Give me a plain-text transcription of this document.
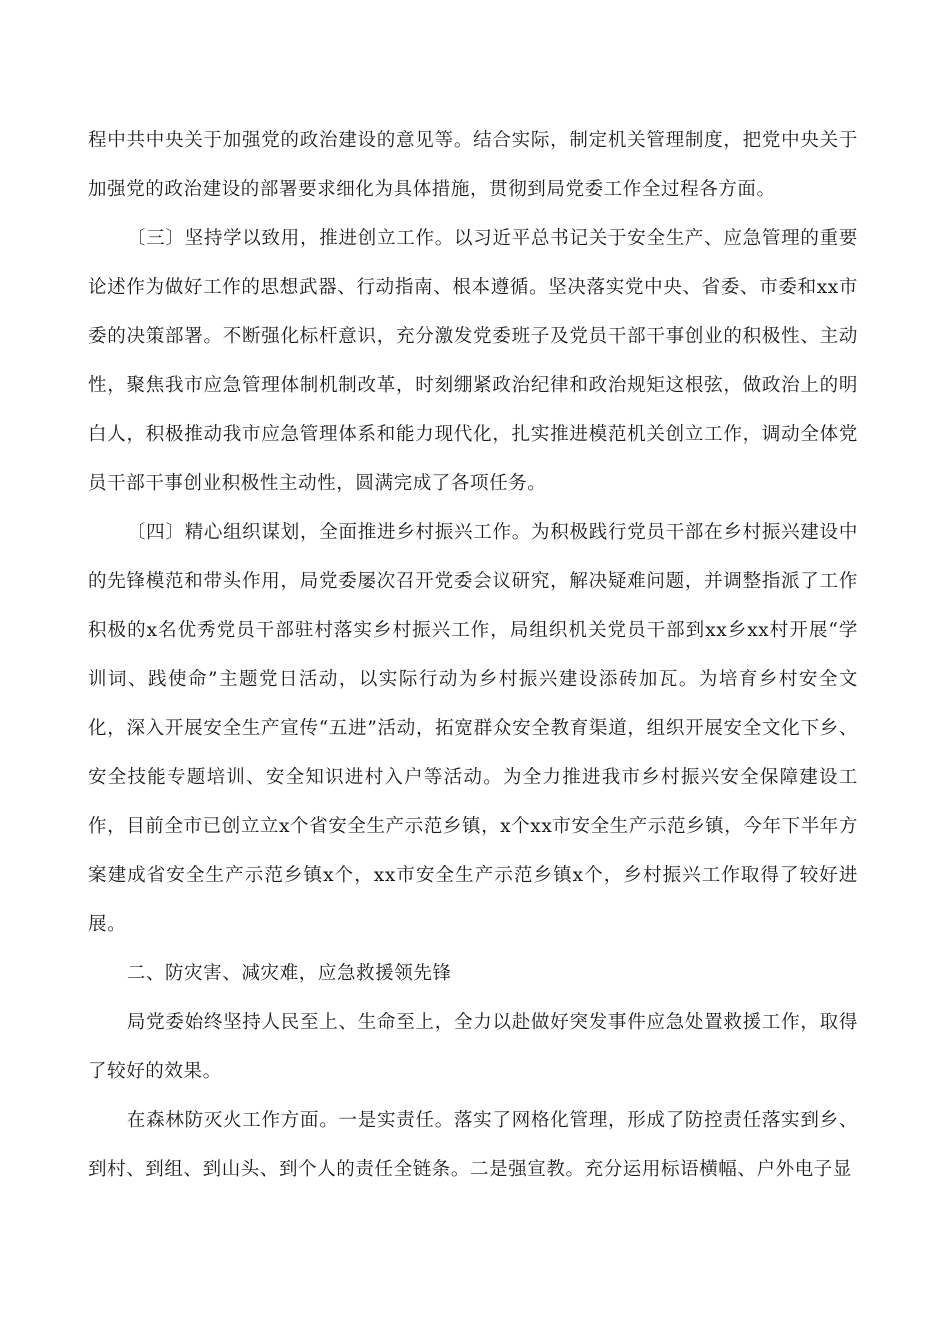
程中共中央关于加强党的政治建设的意见等。结合实际，制定机关管理制度，把党中央关于加强党的政治建设的部署要求细化为具体措施，贯彻到局党委工作全过程各方面。

〔三〕坚持学以致用，推进创立工作。以习近平总书记关于安全生产、应急管理的重要论述作为做好工作的思想武器、行动指南、根本遵循。坚决落实党中央、省委、市委和xx市委的决策部署。不断强化标杆意识，充分激发党委班子及党员干部干事创业的积极性、主动性，聚焦我市应急管理体制机制改革，时刻绷紧政治纪律和政治规矩这根弦，做政治上的明白人，积极推动我市应急管理体系和能力现代化，扎实推进模范机关创立工作，调动全体党员干部干事创业积极性主动性，圆满完成了各项任务。

〔四〕精心组织谋划，全面推进乡村振兴工作。为积极践行党员干部在乡村振兴建设中的先锋模范和带头作用，局党委屡次召开党委会议研究，解决疑难问题，并调整指派了工作积极的x名优秀党员干部驻村落实乡村振兴工作，局组织机关党员干部到xx乡xx村开展“学训词、践使命”主题党日活动，以实际行动为乡村振兴建设添砖加瓦。为培育乡村安全文化，深入开展安全生产宣传“五进”活动，拓宽群众安全教育渠道，组织开展安全文化下乡、安全技能专题培训、安全知识进村入户等活动。为全力推进我市乡村振兴安全保障建设工作，目前全市已创立立x个省安全生产示范乡镇，x个xx市安全生产示范乡镇，今年下半年方案建成省安全生产示范乡镇x个，xx市安全生产示范乡镇x个，乡村振兴工作取得了较好进展。

二、防灾害、减灾难，应急救援领先锋

局党委始终坚持人民至上、生命至上，全力以赴做好突发事件应急处置救援工作，取得了较好的效果。

在森林防灭火工作方面。一是实责任。落实了网格化管理，形成了防控责任落实到乡、到村、到组、到山头、到个人的责任全链条。二是强宣教。充分运用标语横幅、户外电子显
